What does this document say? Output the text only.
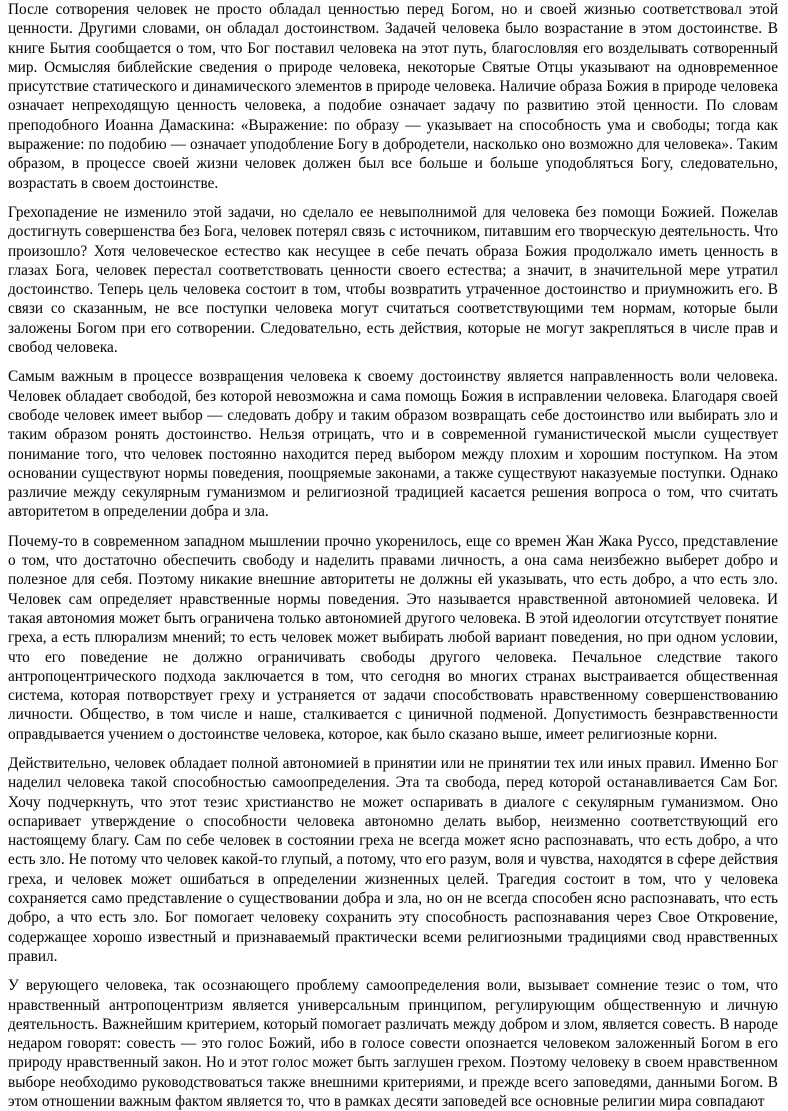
После сотворения человек не просто обладал ценностью перед Богом, но и своей жизнью соответствовал этой ценности. Другими словами, он обладал достоинством. Задачей человека было возрастание в этом достоинстве. В книге Бытия сообщается о том, что Бог поставил человека на этот путь, благословляя его возделывать сотворенный мир. Осмысляя библейские сведения о природе человека, некоторые Святые Отцы указывают на одновременное присутствие статического и динамического элементов в природе человека. Наличие образа Божия в природе человека означает непреходящую ценность человека, а подобие означает задачу по развитию этой ценности. По словам преподобного Иоанна Дамаскина: «Выражение: по образу — указывает на способность ума и свободы; тогда как выражение: по подобию — означает уподобление Богу в добродетели, насколько оно возможно для человека». Таким образом, в процессе своей жизни человек должен был все больше и больше уподобляться Богу, следовательно, возрастать в своем достоинстве.

Грехопадение не изменило этой задачи, но сделало ее невыполнимой для человека без помощи Божией. Пожелав достигнуть совершенства без Бога, человек потерял связь с источником, питавшим его творческую деятельность. Что произошло? Хотя человеческое естество как несущее в себе печать образа Божия продолжало иметь ценность в глазах Бога, человек перестал соответствовать ценности своего естества; а значит, в значительной мере утратил достоинство. Теперь цель человека состоит в том, чтобы возвратить утраченное достоинство и приумножить его. В связи со сказанным, не все поступки человека могут считаться соответствующими тем нормам, которые были заложены Богом при его сотворении. Следовательно, есть действия, которые не могут закрепляться в числе прав и свобод человека.

Самым важным в процессе возвращения человека к своему достоинству является направленность воли человека. Человек обладает свободой, без которой невозможна и сама помощь Божия в исправлении человека. Благодаря своей свободе человек имеет выбор — следовать добру и таким образом возвращать себе достоинство или выбирать зло и таким образом ронять достоинство. Нельзя отрицать, что и в современной гуманистической мысли существует понимание того, что человек постоянно находится перед выбором между плохим и хорошим поступком. На этом основании существуют нормы поведения, поощряемые законами, а также существуют наказуемые поступки. Однако различие между секулярным гуманизмом и религиозной традицией касается решения вопроса о том, что считать авторитетом в определении добра и зла.

Почему-то в современном западном мышлении прочно укоренилось, еще со времен Жан Жака Руссо, представление о том, что достаточно обеспечить свободу и наделить правами личность, а она сама неизбежно выберет добро и полезное для себя. Поэтому никакие внешние авторитеты не должны ей указывать, что есть добро, а что есть зло. Человек сам определяет нравственные нормы поведения. Это называется нравственной автономией человека. И такая автономия может быть ограничена только автономией другого человека. В этой идеологии отсутствует понятие греха, а есть плюрализм мнений; то есть человек может выбирать любой вариант поведения, но при одном условии, что его поведение не должно ограничивать свободы другого человека. Печальное следствие такого антропоцентрического подхода заключается в том, что сегодня во многих странах выстраивается общественная система, которая потворствует греху и устраняется от задачи способствовать нравственному совершенствованию личности. Общество, в том числе и наше, сталкивается с циничной подменой. Допустимость безнравственности оправдывается учением о достоинстве человека, которое, как было сказано выше, имеет религиозные корни.

Действительно, человек обладает полной автономией в принятии или не принятии тех или иных правил. Именно Бог наделил человека такой способностью самоопределения. Эта та свобода, перед которой останавливается Сам Бог. Хочу подчеркнуть, что этот тезис христианство не может оспаривать в диалоге с секулярным гуманизмом. Оно оспаривает утверждение о способности человека автономно делать выбор, неизменно соответствующий его настоящему благу. Сам по себе человек в состоянии греха не всегда может ясно распознавать, что есть добро, а что есть зло. Не потому что человек какой-то глупый, а потому, что его разум, воля и чувства, находятся в сфере действия греха, и человек может ошибаться в определении жизненных целей. Трагедия состоит в том, что у человека сохраняется само представление о существовании добра и зла, но он не всегда способен ясно распознавать, что есть добро, а что есть зло. Бог помогает человеку сохранить эту способность распознавания через Свое Откровение, содержащее хорошо известный и признаваемый практически всеми религиозными традициями свод нравственных правил.

У верующего человека, так осознающего проблему самоопределения воли, вызывает сомнение тезис о том, что нравственный антропоцентризм является универсальным принципом, регулирующим общественную и личную деятельность. Важнейшим критерием, который помогает различать между добром и злом, является совесть. В народе недаром говорят: совесть — это голос Божий, ибо в голосе совести опознается человеком заложенный Богом в его природу нравственный закон. Но и этот голос может быть заглушен грехом. Поэтому человеку в своем нравственном выборе необходимо руководствоваться также внешними критериями, и прежде всего заповедями, данными Богом. В этом отношении важным фактом является то, что в рамках десяти заповедей все основные религии мира совпадают
